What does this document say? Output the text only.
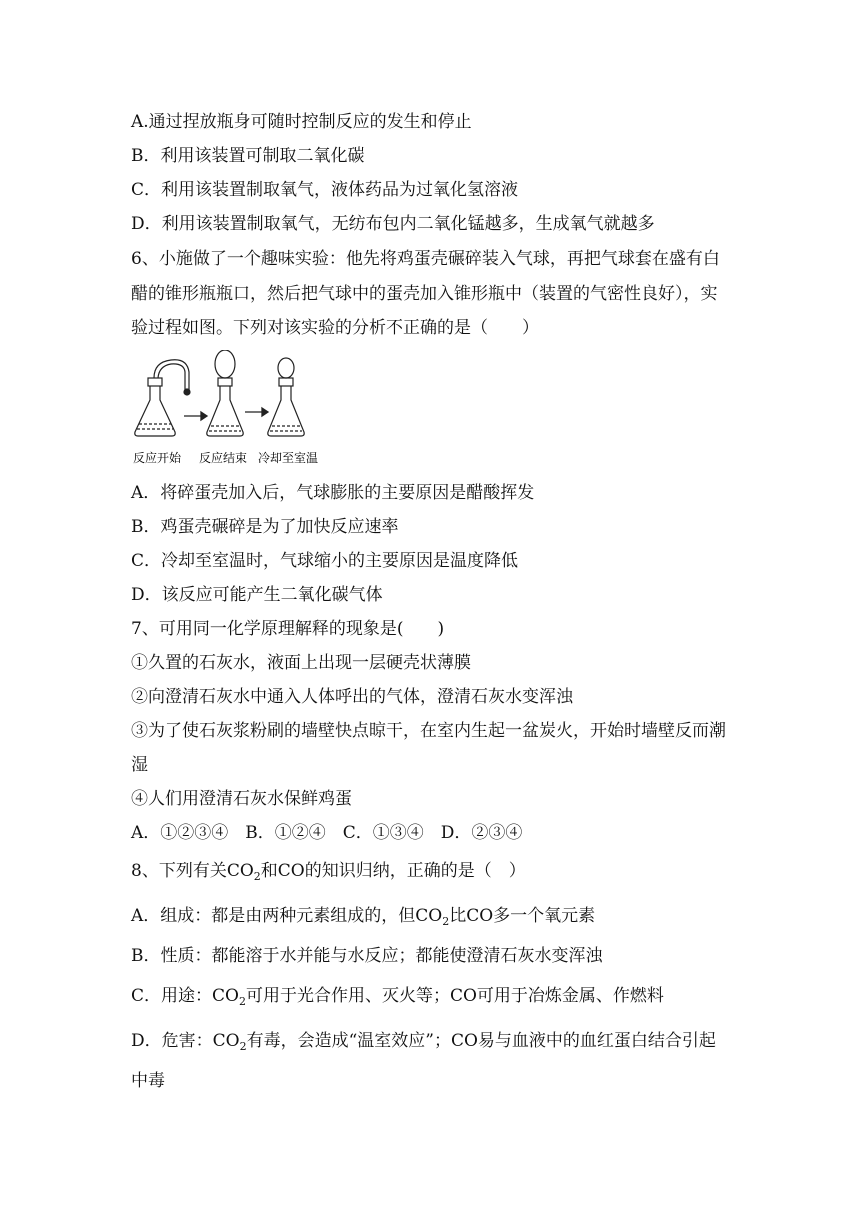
A.通过捏放瓶身可随时控制反应的发生和停止
B．利用该装置可制取二氧化碳
C．利用该装置制取氧气，液体药品为过氧化氢溶液
D．利用该装置制取氧气，无纺布包内二氧化锰越多，生成氧气就越多
6、小施做了一个趣味实验：他先将鸡蛋壳碾碎装入气球，再把气球套在盛有白
醋的锥形瓶瓶口，然后把气球中的蛋壳加入锥形瓶中（装置的气密性良好），实
验过程如图。下列对该实验的分析不正确的是（　　）
反应开始 反应结束 冷却至室温
A．将碎蛋壳加入后，气球膨胀的主要原因是醋酸挥发
B．鸡蛋壳碾碎是为了加快反应速率
C．冷却至室温时，气球缩小的主要原因是温度降低
D．该反应可能产生二氧化碳气体
7、可用同一化学原理解释的现象是(　　)
①久置的石灰水，液面上出现一层硬壳状薄膜
②向澄清石灰水中通入人体呼出的气体，澄清石灰水变浑浊
③为了使石灰浆粉刷的墙壁快点晾干，在室内生起一盆炭火，开始时墙壁反而潮
湿
④人们用澄清石灰水保鲜鸡蛋
A．①②③④　B．①②④　C．①③④　D．②③④
8、下列有关$CO_2$和CO的知识归纳，正确的是（　）
A．组成：都是由两种元素组成的，但$CO_2$比CO多一个氧元素
B．性质：都能溶于水并能与水反应；都能使澄清石灰水变浑浊
C．用途：$CO_2$可用于光合作用、灭火等；CO可用于冶炼金属、作燃料
D．危害：$CO_2$有毒，会造成“温室效应”；CO易与血液中的血红蛋白结合引起
中毒
